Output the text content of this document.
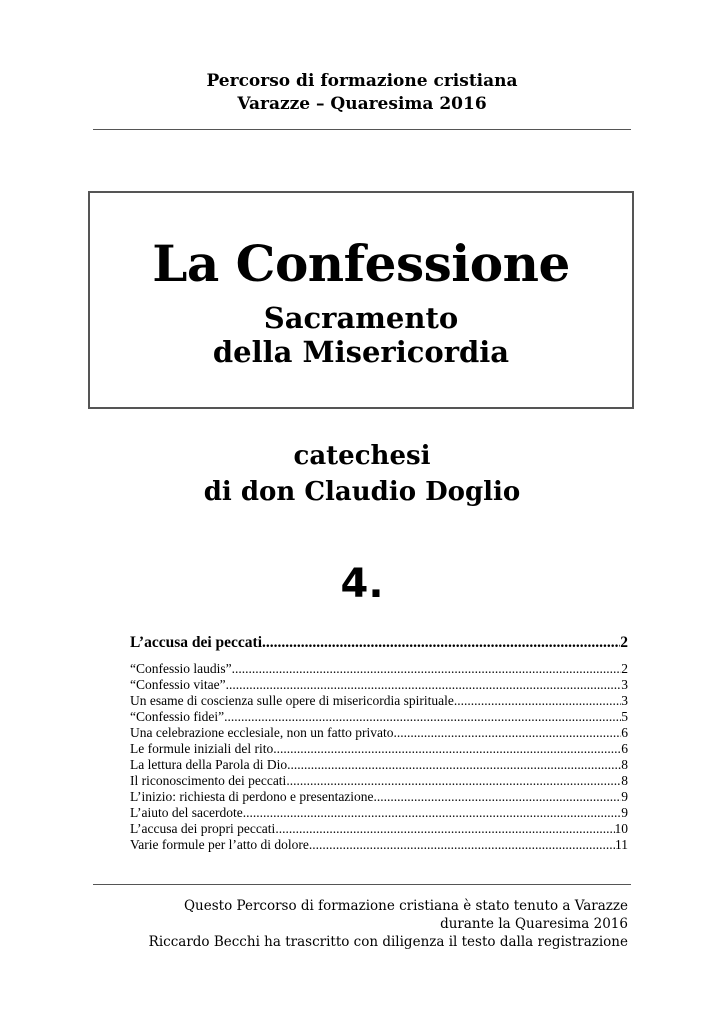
Percorso di formazione cristiana
Varazze – Quaresima 2016
La Confessione
Sacramento
della Misericordia
catechesi
di don Claudio Doglio
4.
L’accusa dei peccati .....	2
“Confessio laudis” .....	2
“Confessio vitae” .....	3
Un esame di coscienza sulle opere di misericordia spirituale .....	3
“Confessio fidei” .....	5
Una celebrazione ecclesiale, non un fatto privato .....	6
Le formule iniziali del rito .....	6
La lettura della Parola di Dio .....	8
Il riconoscimento dei peccati .....	8
L’inizio: richiesta di perdono e presentazione .....	9
L’aiuto del sacerdote .....	9
L’accusa dei propri peccati .....	10
Varie formule per l’atto di dolore .....	11
Questo Percorso di formazione cristiana è stato tenuto a Varazze
durante la Quaresima 2016
Riccardo Becchi ha trascritto con diligenza il testo dalla registrazione
